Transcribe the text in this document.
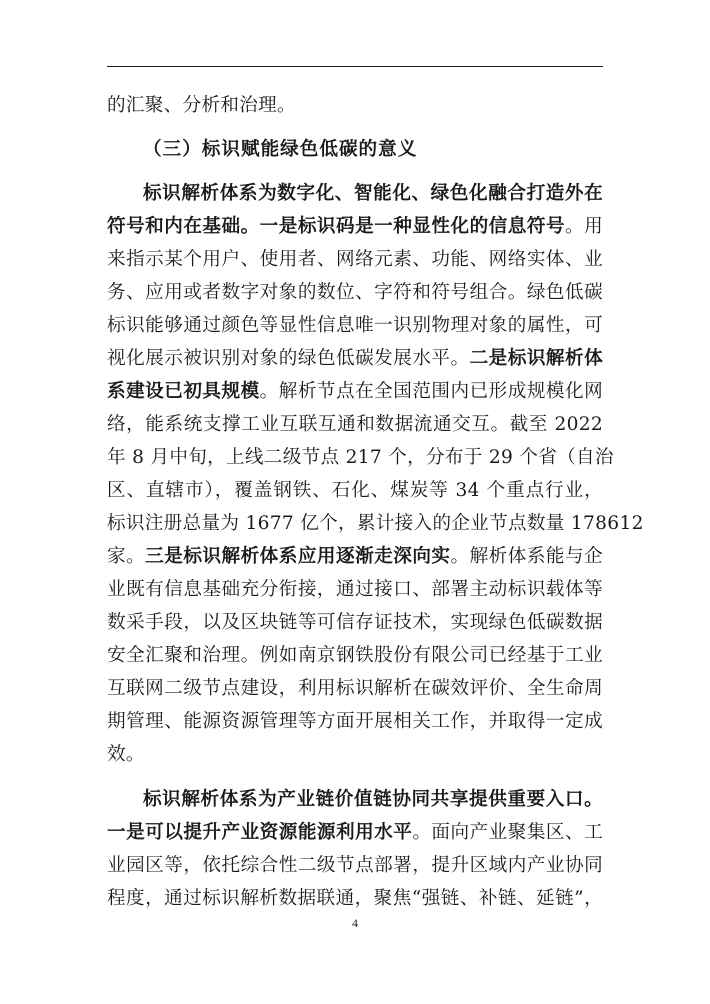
的汇聚、分析和治理。
（三）标识赋能绿色低碳的意义
标识解析体系为数字化、智能化、绿色化融合打造外在
符号和内在基础。一是标识码是一种显性化的信息符号。用
来指示某个用户、使用者、网络元素、功能、网络实体、业
务、应用或者数字对象的数位、字符和符号组合。绿色低碳
标识能够通过颜色等显性信息唯一识别物理对象的属性，可
视化展示被识别对象的绿色低碳发展水平。二是标识解析体
系建设已初具规模。解析节点在全国范围内已形成规模化网
络，能系统支撑工业互联互通和数据流通交互。截至 2022
年 8 月中旬，上线二级节点 217 个，分布于 29 个省（自治
区、直辖市），覆盖钢铁、石化、煤炭等 34 个重点行业，
标识注册总量为 1677 亿个，累计接入的企业节点数量 178612
家。三是标识解析体系应用逐渐走深向实。解析体系能与企
业既有信息基础充分衔接，通过接口、部署主动标识载体等
数采手段，以及区块链等可信存证技术，实现绿色低碳数据
安全汇聚和治理。例如南京钢铁股份有限公司已经基于工业
互联网二级节点建设，利用标识解析在碳效评价、全生命周
期管理、能源资源管理等方面开展相关工作，并取得一定成
效。
标识解析体系为产业链价值链协同共享提供重要入口。
一是可以提升产业资源能源利用水平。面向产业聚集区、工
业园区等，依托综合性二级节点部署，提升区域内产业协同
程度，通过标识解析数据联通，聚焦“强链、补链、延链”，
4
